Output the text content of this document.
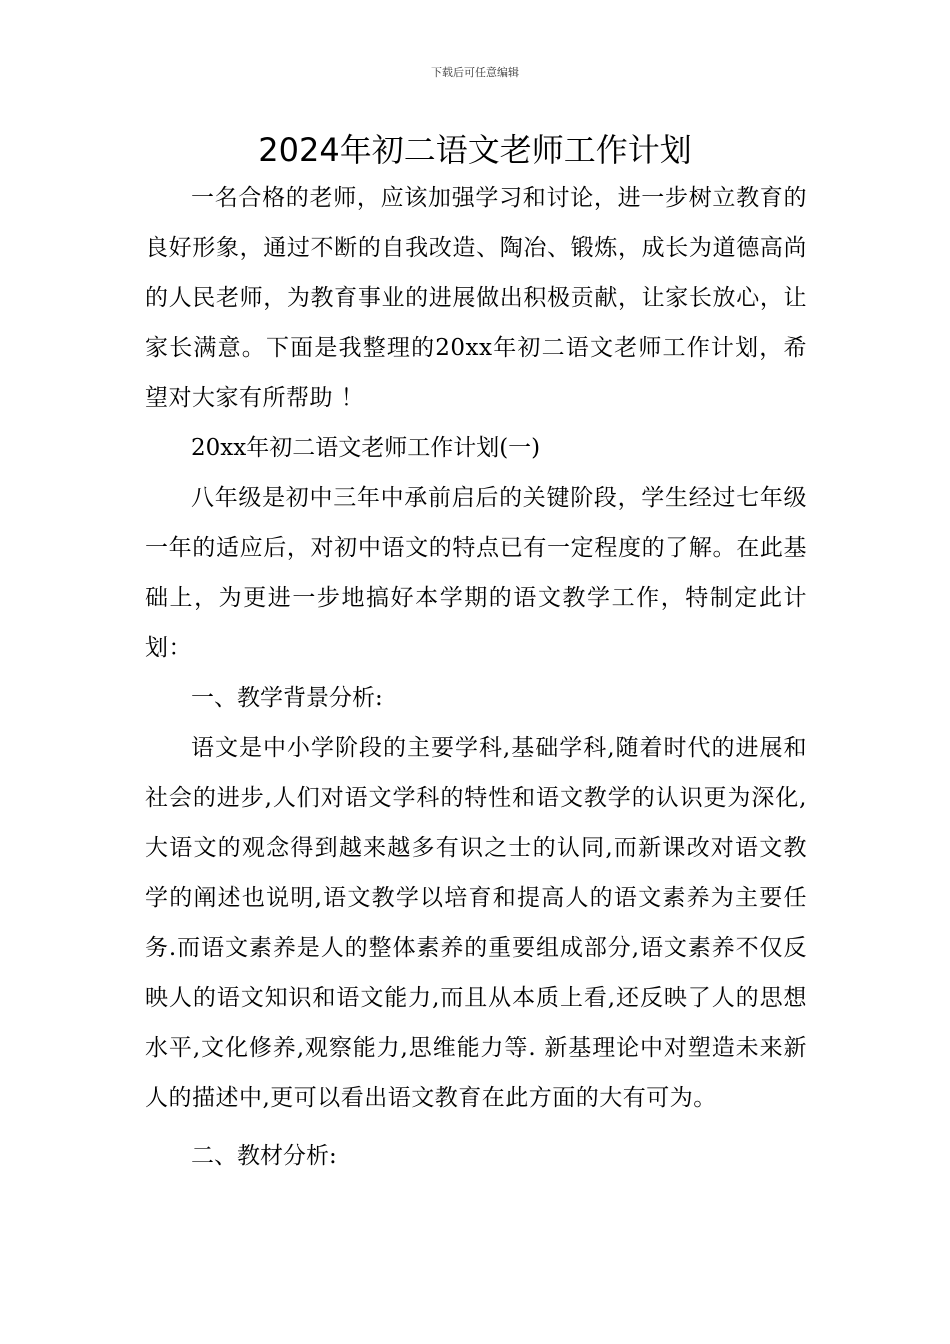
下载后可任意编辑
2024年初二语文老师工作计划

一名合格的老师，应该加强学习和讨论，进一步树立教育的良好形象，通过不断的自我改造、陶冶、锻炼，成长为道德高尚的人民老师，为教育事业的进展做出积极贡献，让家长放心，让家长满意。下面是我整理的20xx年初二语文老师工作计划，希望对大家有所帮助 ！

20xx年初二语文老师工作计划(一)

八年级是初中三年中承前启后的关键阶段，学生经过七年级一年的适应后，对初中语文的特点已有一定程度的了解。在此基础上，为更进一步地搞好本学期的语文教学工作，特制定此计划：

一、教学背景分析:

语文是中小学阶段的主要学科,基础学科,随着时代的进展和社会的进步,人们对语文学科的特性和语文教学的认识更为深化,大语文的观念得到越来越多有识之士的认同,而新课改对语文教学的阐述也说明,语文教学以培育和提高人的语文素养为主要任务.而语文素养是人的整体素养的重要组成部分,语文素养不仅反映人的语文知识和语文能力,而且从本质上看,还反映了人的思想水平,文化修养,观察能力,思维能力等. 新基理论中对塑造未来新人的描述中,更可以看出语文教育在此方面的大有可为。

二、教材分析:
